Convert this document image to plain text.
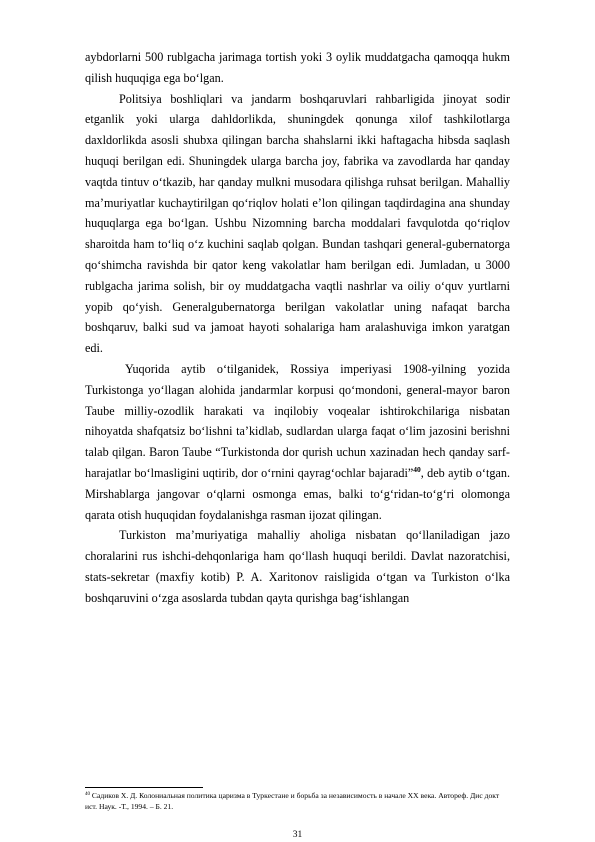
aybdorlarni 500 rublgacha jarimaga tortish yoki 3 oylik muddatgacha qamoqqa hukm qilish huquqiga ega bo‘lgan.

Politsiya boshliqlari va jandarm boshqaruvlari rahbarligida jinoyat sodir etganlik yoki ularga dahldorlikda, shuningdek qonunga xilof tashkilotlarga daxldorlikda asosli shubxa qilingan barcha shahslarni ikki haftagacha hibsda saqlash huquqi berilgan edi. Shuningdek ularga barcha joy, fabrika va zavodlarda har qanday vaqtda tintuv o‘tkazib, har qanday mulkni musodara qilishga ruhsat berilgan. Mahalliy ma’muriyatlar kuchaytirilgan qo‘riqlov holati e’lon qilingan taqdirdagina ana shunday huquqlarga ega bo‘lgan. Ushbu Nizomning barcha moddalari favqulotda qo‘riqlov sharoitda ham to‘liq o‘z kuchini saqlab qolgan. Bundan tashqari general-gubernatorga qo‘shimcha ravishda bir qator keng vakolatlar ham berilgan edi. Jumladan, u 3000 rublgacha jarima solish, bir oy muddatgacha vaqtli nashrlar va oiliy o‘quv yurtlarni yopib qo‘yish. Generalgubernatorga berilgan vakolatlar uning nafaqat barcha boshqaruv, balki sud va jamoat hayoti sohalariga ham aralashuviga imkon yaratgan edi.

Yuqorida aytib o‘tilganidek, Rossiya imperiyasi 1908-yilning yozida Turkistonga yo‘llagan alohida jandarmlar korpusi qo‘mondoni, general-mayor baron Taube milliy-ozodlik harakati va inqilobiy voqealar ishtirokchilariga nisbatan nihoyatda shafqatsiz bo‘lishni ta’kidlab, sudlardan ularga faqat o‘lim jazosini berishni talab qilgan. Baron Taube “Turkistonda dor qurish uchun xazinadan hech qanday sarf-harajatlar bo‘lmasligini uqtirib, dor o‘rnini qayrag‘ochlar bajaradi”$^{40}$, deb aytib o‘tgan. Mirshablarga jangovar o‘qlarni osmonga emas, balki to‘g‘ridan-to‘g‘ri olomonga qarata otish huquqidan foydalanishga rasman ijozat qilingan.

Turkiston ma’muriyatiga mahalliy aholiga nisbatan qo‘llaniladigan jazo choralarini rus ishchi-dehqonlariga ham qo‘llash huquqi berildi. Davlat nazoratchisi, stats-sekretar (maxfiy kotib) P. A. Xaritonov raisligida o‘tgan va Turkiston o‘lka boshqaruvini o‘zga asoslarda tubdan qayta qurishga bag‘ishlangan

$^{40}$ Садиков Х. Д. Колониальная политика царизма в Туркестане и борьба за независимость в начале ХХ века. Автореф. Дис докт ист. Наук. -Т., 1994. – Б. 21.
31
